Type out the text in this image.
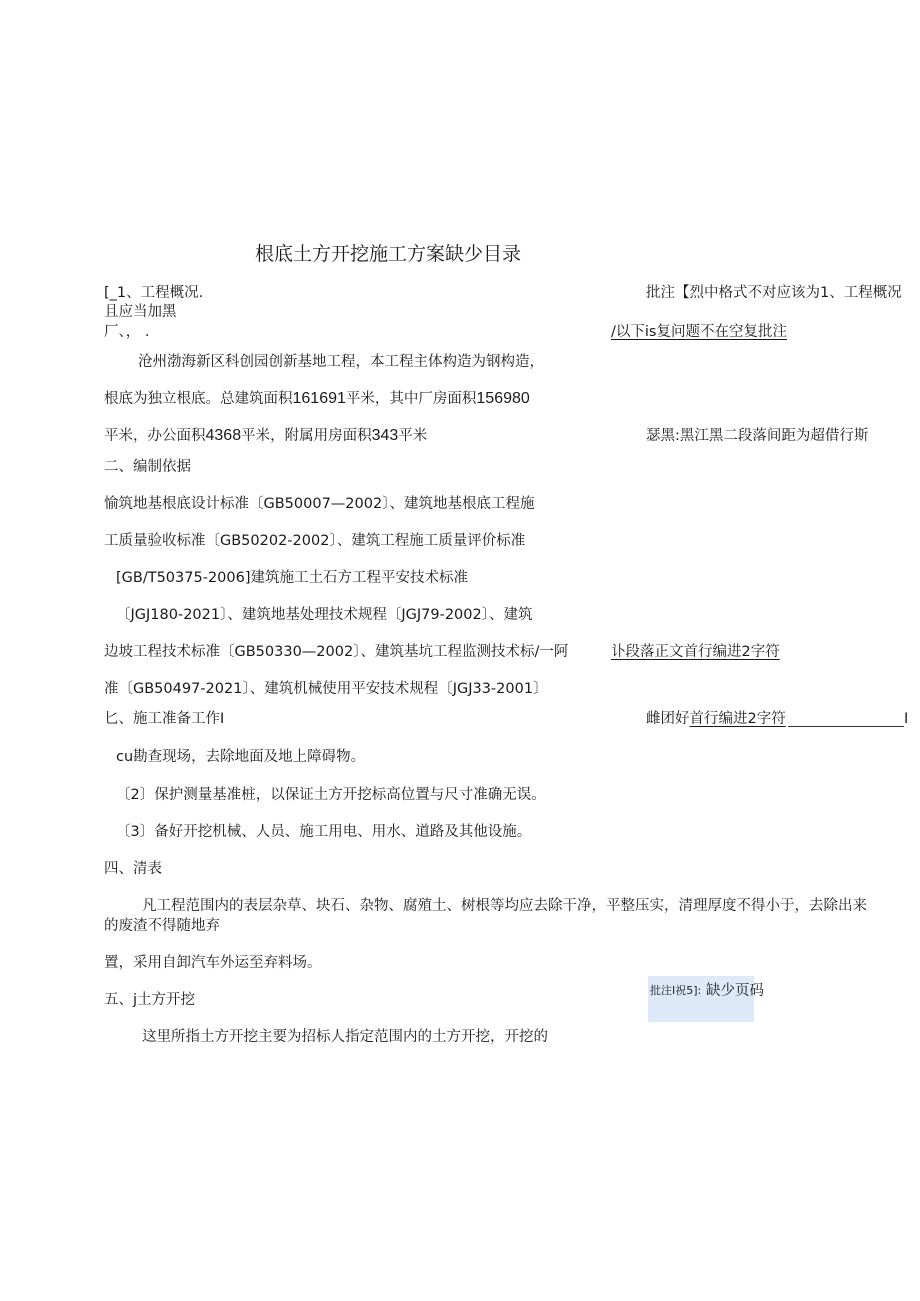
根底土方开挖施工方案缺少目录
[_1、工程概况.
且应当加黑
厂、， .
批注【烈中格式不对应该为1、工程概况
/以下is复问题不在空复批注
沧州渤海新区科创园创新基地工程，本工程主体构造为钢构造，
根底为独立根底。总建筑面积161691平米，其中厂房面积156980
平米，办公面积4368平米，附属用房面积343平米	瑟黑:黑江黑二段落间距为超借行斯
二、编制依据
愉筑地基根底设计标准〔GB50007—2002〕、建筑地基根底工程施
工质量验收标准〔GB50202-2002〕、建筑工程施工质量评价标准
[GB/T50375-2006]建筑施工土石方工程平安技术标准
〔JGJ180-2021〕、建筑地基处理技术规程〔JGJ79-2002〕、建筑
边坡工程技术标准〔GB50330—2002〕、建筑基坑工程监测技术标/一阿	讣段落正文首行编进2字符
准〔GB50497-2021〕、建筑机械使用平安技术规程〔JGJ33-2001〕
匕、施工准备工作I	雌团好首行编进2字符	I
cu勘查现场，去除地面及地上障碍物。
〔2〕保护测量基准桩，以保证土方开挖标高位置与尺寸准确无误。
〔3〕备好开挖机械、人员、施工用电、用水、道路及其他设施。
四、清表
凡工程范围内的表层杂草、块石、杂物、腐殖土、树根等均应去除干净，平整压实，清理厚度不得小于，去除出来
的废渣不得随地弃
置，采用自卸汽车外运至弃料场。
五、j土方开挖
批注I祝5]: 缺少页码
这里所指土方开挖主要为招标人指定范围内的土方开挖，开挖的
